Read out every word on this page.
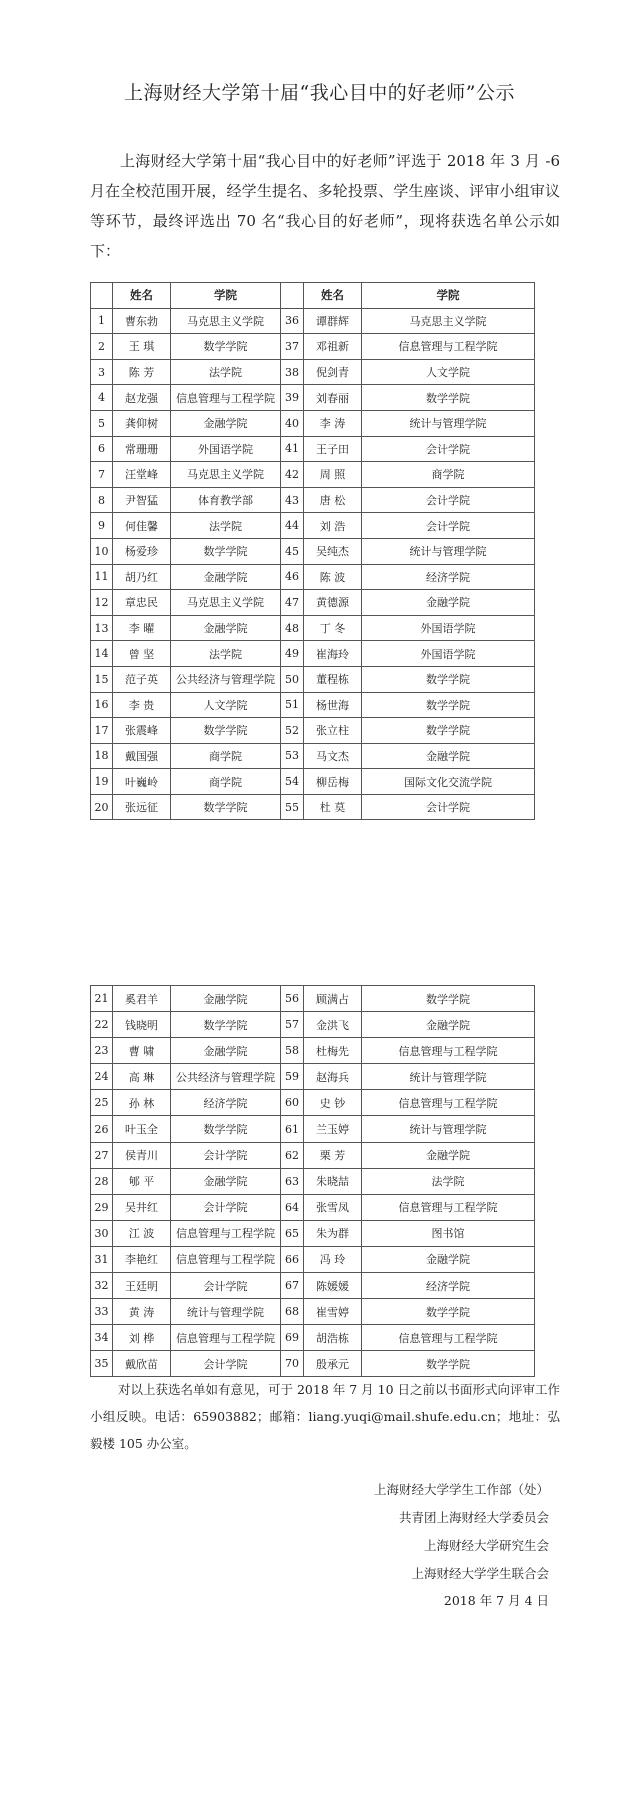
上海财经大学第十届“我心目中的好老师”公示

上海财经大学第十届“我心目中的好老师”评选于 2018 年 3 月 -6 月在全校范围开展，经学生提名、多轮投票、学生座谈、评审小组审议等环节，最终评选出 70 名“我心目的好老师”，现将获选名单公示如下：

	姓名	学院		姓名	学院
1	曹东勃	马克思主义学院	36	谭群辉	马克思主义学院
2	王 琪	数学学院	37	邓祖新	信息管理与工程学院
3	陈 芳	法学院	38	倪剑青	人文学院
4	赵龙强	信息管理与工程学院	39	刘春丽	数学学院
5	龚仰树	金融学院	40	李 涛	统计与管理学院
6	常珊珊	外国语学院	41	王子田	会计学院
7	汪堂峰	马克思主义学院	42	周 照	商学院
8	尹智猛	体育教学部	43	唐 松	会计学院
9	何佳馨	法学院	44	刘 浩	会计学院
10	杨爱珍	数学学院	45	吴纯杰	统计与管理学院
11	胡乃红	金融学院	46	陈 波	经济学院
12	章忠民	马克思主义学院	47	黄德源	金融学院
13	李 曜	金融学院	48	丁 冬	外国语学院
14	曾 坚	法学院	49	崔海玲	外国语学院
15	范子英	公共经济与管理学院	50	董程栋	数学学院
16	李 贵	人文学院	51	杨世海	数学学院
17	张震峰	数学学院	52	张立柱	数学学院
18	戴国强	商学院	53	马文杰	金融学院
19	叶巍岭	商学院	54	柳岳梅	国际文化交流学院
20	张远征	数学学院	55	杜 莫	会计学院
21	奚君羊	金融学院	56	顾满占	数学学院
22	钱晓明	数学学院	57	金洪飞	金融学院
23	曹 啸	金融学院	58	杜梅先	信息管理与工程学院
24	高 琳	公共经济与管理学院	59	赵海兵	统计与管理学院
25	孙 林	经济学院	60	史 钞	信息管理与工程学院
26	叶玉全	数学学院	61	兰玉婷	统计与管理学院
27	侯青川	会计学院	62	栗 芳	金融学院
28	郇 平	金融学院	63	朱晓喆	法学院
29	吴井红	会计学院	64	张雪凤	信息管理与工程学院
30	江 波	信息管理与工程学院	65	朱为群	图书馆
31	李艳红	信息管理与工程学院	66	冯 玲	金融学院
32	王廷明	会计学院	67	陈媛媛	经济学院
33	黄 涛	统计与管理学院	68	崔雪婷	数学学院
34	刘 桦	信息管理与工程学院	69	胡浩栋	信息管理与工程学院
35	戴欣苗	会计学院	70	殷承元	数学学院

对以上获选名单如有意见，可于 2018 年 7 月 10 日之前以书面形式向评审工作小组反映。电话：65903882；邮箱：liang.yuqi@mail.shufe.edu.cn；地址：弘毅楼 105 办公室。

上海财经大学学生工作部（处）
共青团上海财经大学委员会
上海财经大学研究生会
上海财经大学学生联合会
2018 年 7 月 4 日
